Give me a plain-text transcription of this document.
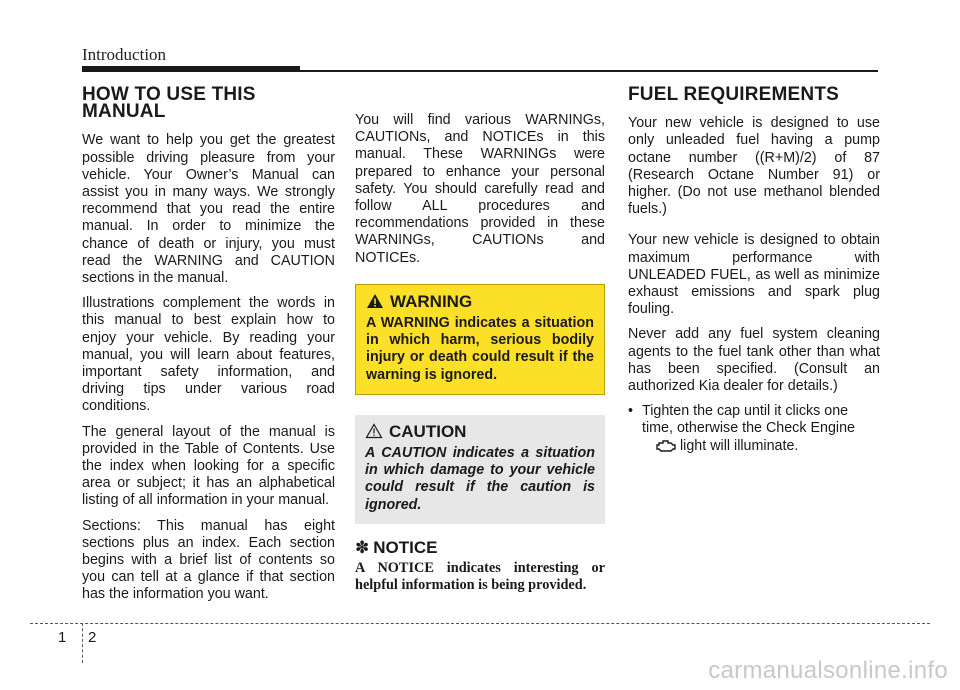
Introduction
HOW TO USE THIS MANUAL

We want to help you get the greatest possible driving pleasure from your vehicle. Your Owner’s Manual can assist you in many ways. We strongly recommend that you read the entire manual. In order to minimize the chance of death or injury, you must read the WARNING and CAUTION sections in the manual.

Illustrations complement the words in this manual to best explain how to enjoy your vehicle. By reading your manual, you will learn about features, important safety information, and driving tips under various road conditions.

The general layout of the manual is provided in the Table of Contents. Use the index when looking for a specific area or subject; it has an alphabetical listing of all information in your manual.

Sections: This manual has eight sections plus an index. Each section begins with a brief list of contents so you can tell at a glance if that section has the information you want.

You will find various WARNINGs, CAUTIONs, and NOTICEs in this manual. These WARNINGs were prepared to enhance your personal safety. You should carefully read and follow ALL procedures and recommendations provided in these WARNINGs, CAUTIONs and NOTICEs.

WARNING
A WARNING indicates a situation in which harm, serious bodily injury or death could result if the warning is ignored.
CAUTION
A CAUTION indicates a situation in which damage to your vehicle could result if the caution is ignored.
✽ NOTICE
A NOTICE indicates interesting or helpful information is being provided.
FUEL REQUIREMENTS

Your new vehicle is designed to use only unleaded fuel having a pump octane number ((R+M)/2) of 87 (Research Octane Number 91) or higher. (Do not use methanol blended fuels.)

Your new vehicle is designed to obtain maximum performance with UNLEADED FUEL, as well as minimize exhaust emissions and spark plug fouling.

Never add any fuel system cleaning agents to the fuel tank other than what has been specified. (Consult an authorized Kia dealer for details.)

• Tighten the cap until it clicks one time, otherwise the Check Engine
light will illuminate.
1 2
carmanualsonline.info
